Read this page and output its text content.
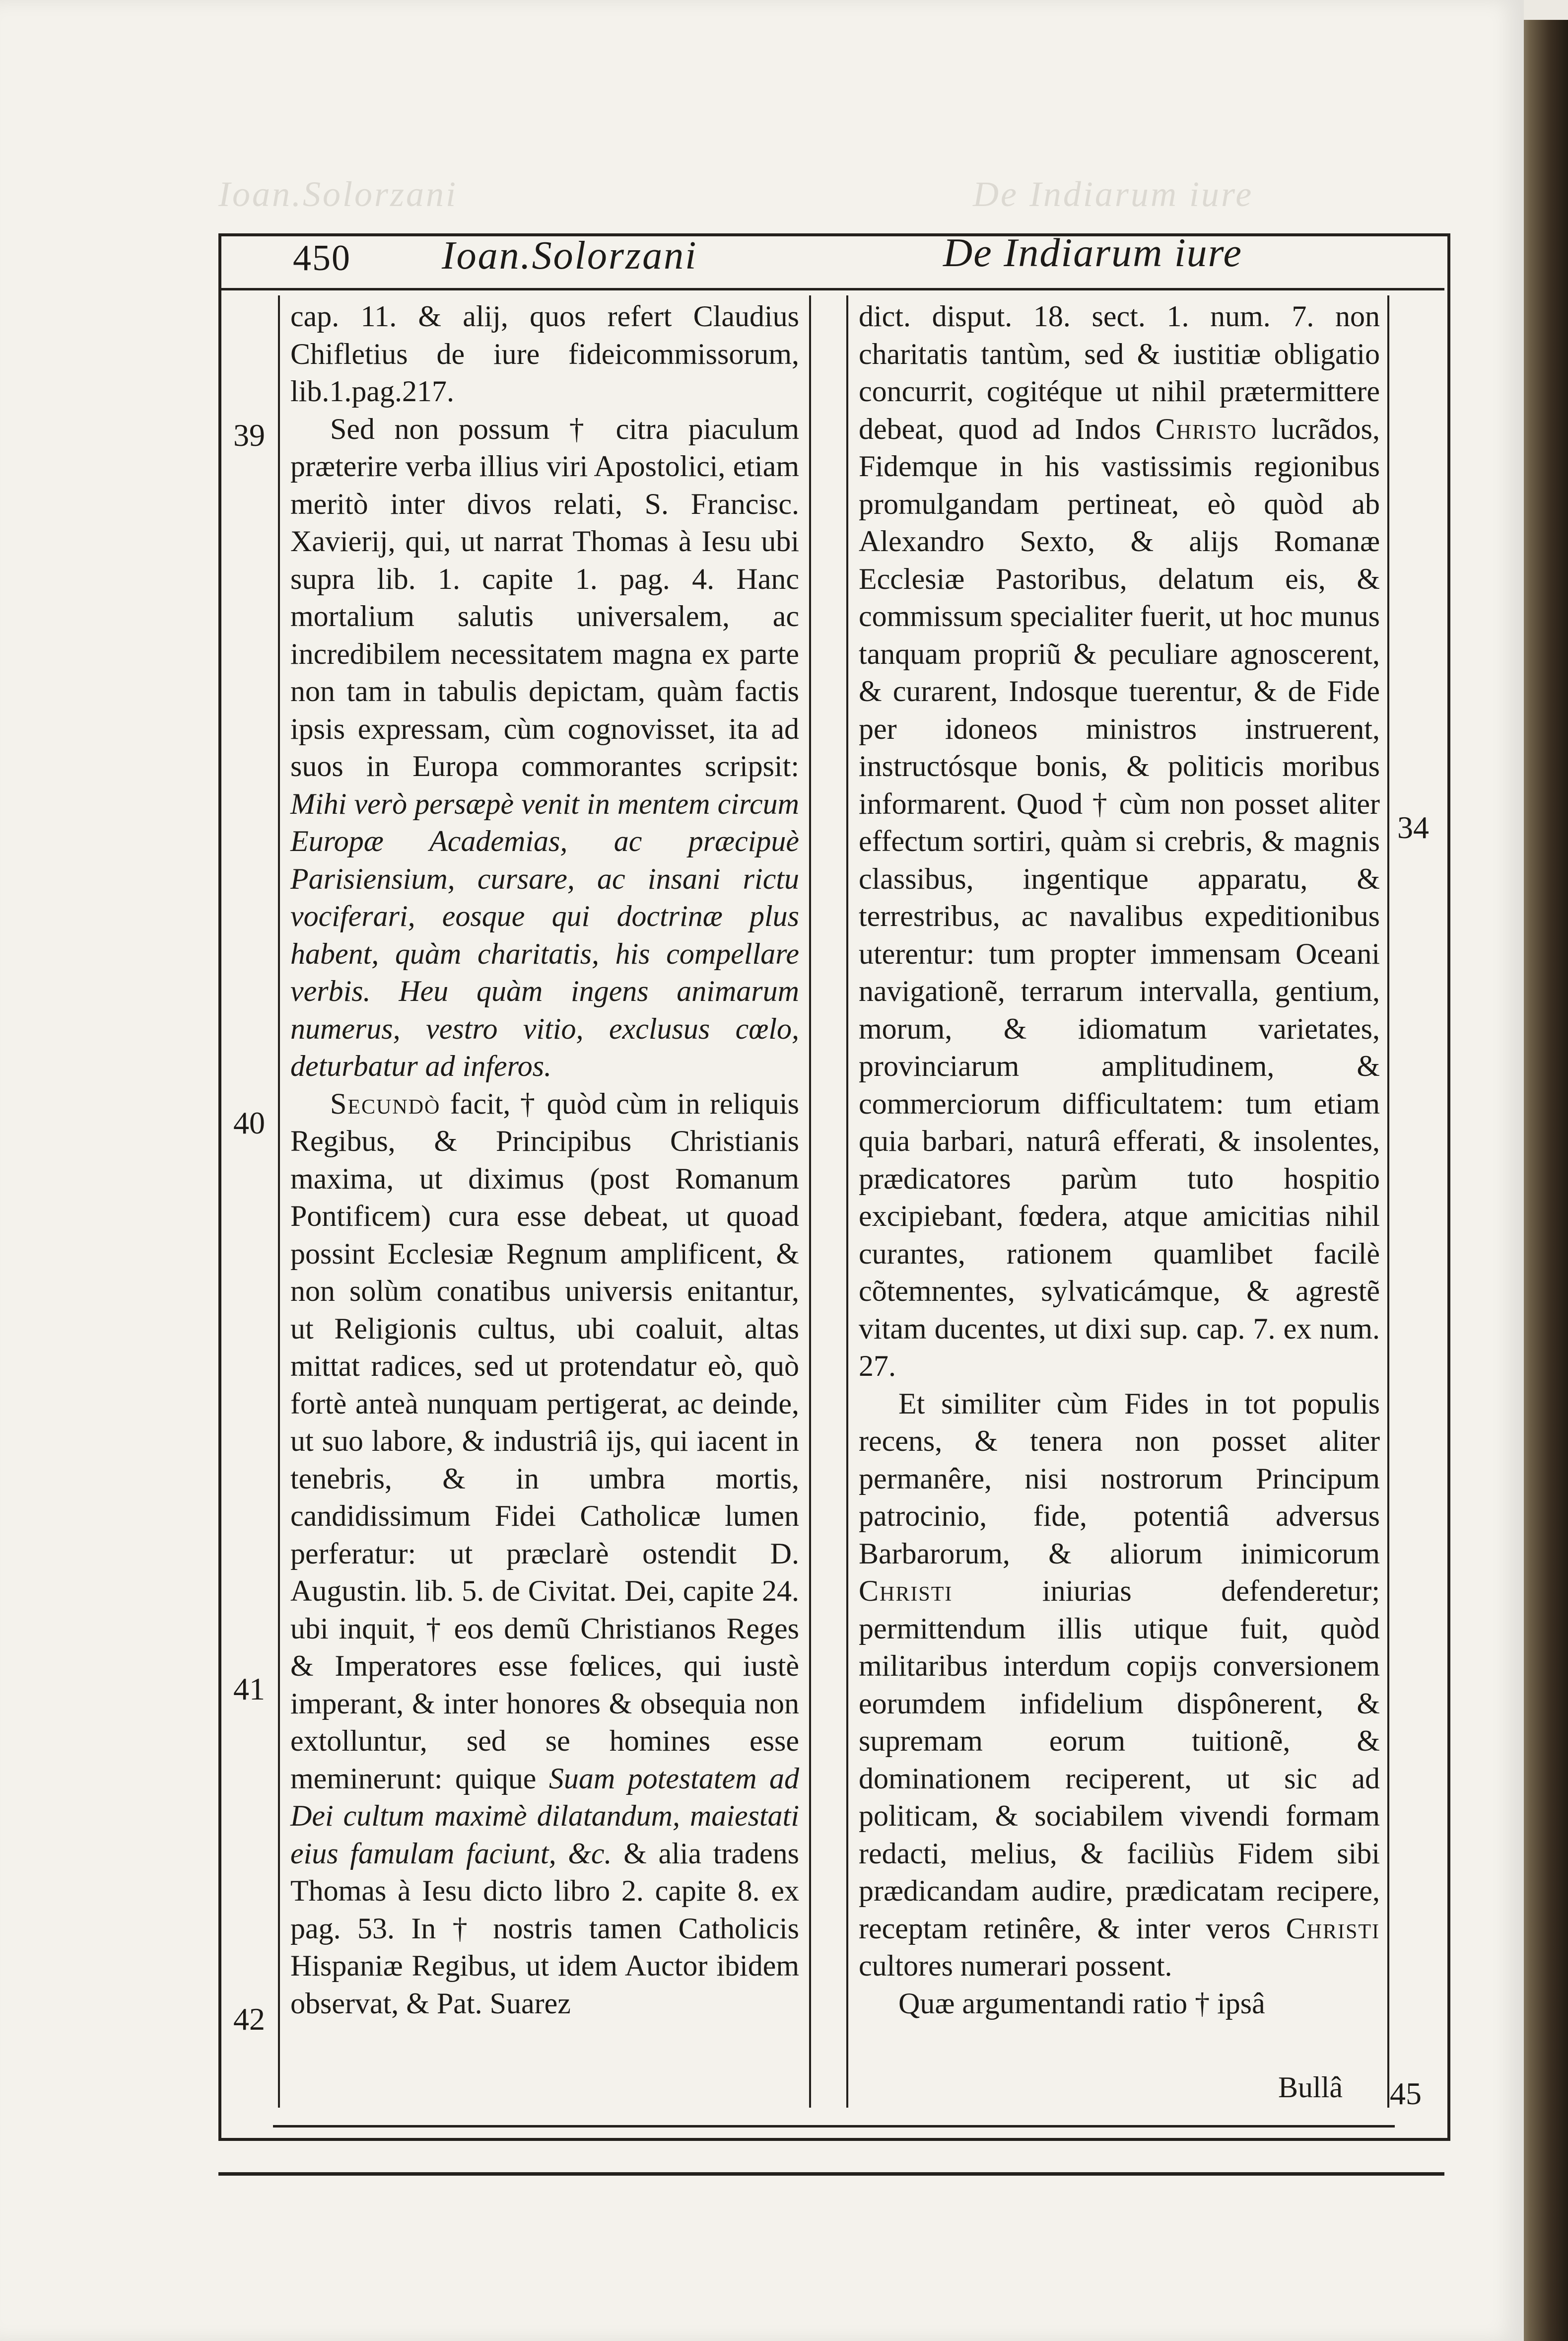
Ioan.Solorzani	De Indiarum iure
450 Ioan.Solorzani	De Indiarum iure

cap. 11. & alij, quos refert Claudius Chifletius de iure fideicommissorum, lib.1.pag.217.

Sed non possum † citra piaculum præterire verba illius viri Apostolici, etiam meritò inter divos relati, S. Francisc. Xavierij, qui, ut narrat Thomas à Iesu ubi supra lib. 1. capite 1. pag. 4. Hanc mortalium salutis universalem, ac incredibilem necessitatem magna ex parte non tam in tabulis depictam, quàm factis ipsis expressam, cùm cognovisset, ita ad suos in Europa commorantes scripsit: Mihi verò persæpè venit in mentem circum Europæ Academias, ac præcipuè Parisiensium, cursare, ac insani rictu vociferari, eosque qui doctrinæ plus habent, quàm charitatis, his compellare verbis. Heu quàm ingens animarum numerus, vestro vitio, exclusus cœlo, deturbatur ad inferos.

Secundò facit, † quòd cùm in reliquis Regibus, & Principibus Christianis maxima, ut diximus (post Romanum Pontificem) cura esse debeat, ut quoad possint Ecclesiæ Regnum amplificent, & non solùm conatibus universis enitantur, ut Religionis cultus, ubi coaluit, altas mittat radices, sed ut protendatur eò, quò fortè anteà nunquam pertigerat, ac deinde, ut suo labore, & industriâ ijs, qui iacent in tenebris, & in umbra mortis, candidissimum Fidei Catholicæ lumen perferatur: ut præclarè ostendit D. Augustin. lib. 5. de Civitat. Dei, capite 24. ubi inquit, † eos demũ Christianos Reges & Imperatores esse fœlices, qui iustè imperant, & inter honores & obsequia non extolluntur, sed se homines esse meminerunt: quique Suam potestatem ad Dei cultum maximè dilatandum, maiestati eius famulam faciunt, &c. & alia tradens Thomas à Iesu dicto libro 2. capite 8. ex pag. 53. In † nostris tamen Catholicis Hispaniæ Regibus, ut idem Auctor ibidem observat, & Pat. Suarez

dict. disput. 18. sect. 1. num. 7. non charitatis tantùm, sed & iustitiæ obligatio concurrit, cogitéque ut nihil prætermittere debeat, quod ad Indos Christo lucrãdos, Fidemque in his vastissimis regionibus promulgandam pertineat, eò quòd ab Alexandro Sexto, & alijs Romanæ Ecclesiæ Pastoribus, delatum eis, & commissum specialiter fuerit, ut hoc munus tanquam propriũ & peculiare agnoscerent, & curarent, Indosque tuerentur, & de Fide per idoneos ministros instruerent, instructósque bonis, & politicis moribus informarent. Quod † cùm non posset aliter effectum sortiri, quàm si crebris, & magnis classibus, ingentique apparatu, & terrestribus, ac navalibus expeditionibus uterentur: tum propter immensam Oceani navigationẽ, terrarum intervalla, gentium, morum, & idiomatum varietates, provinciarum amplitudinem, & commerciorum difficultatem: tum etiam quia barbari, naturâ efferati, & insolentes, prædicatores parùm tuto hospitio excipiebant, fœdera, atque amicitias nihil curantes, rationem quamlibet facilè cõtemnentes, sylvaticámque, & agrestẽ vitam ducentes, ut dixi sup. cap. 7. ex num. 27.

Et similiter cùm Fides in tot populis recens, & tenera non posset aliter permanêre, nisi nostrorum Principum patrocinio, fide, potentiâ adversus Barbarorum, & aliorum inimicorum Christi	iniurias defenderetur; permittendum illis utique fuit, quòd militaribus interdum copijs conversionem eorumdem infidelium dispônerent, & supremam eorum tuitionẽ, & dominationem reciperent, ut sic ad politicam, & sociabilem vivendi formam redacti, melius, & faciliùs Fidem sibi prædicandam audire, prædicatam recipere, receptam retinêre, & inter veros Christi cultores numerari possent.

Quæ argumentandi ratio † ipsâ

39
40
41
42
34
45
Bullâ
